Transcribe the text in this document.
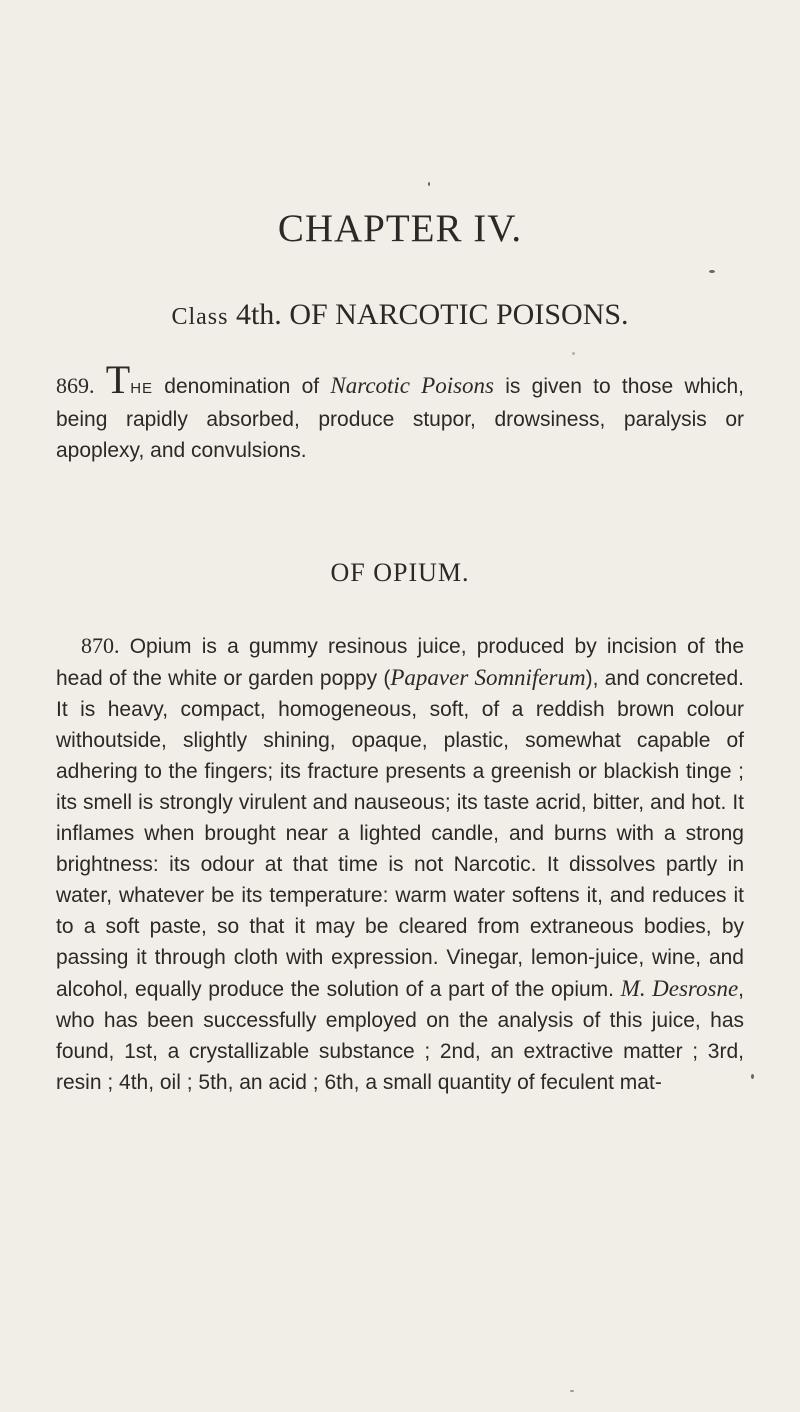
CHAPTER IV.
Class 4th. OF NARCOTIC POISONS.

869. THE denomination of Narcotic Poisons is given to those which, being rapidly absorbed, produce stupor, drowsiness, paralysis or apoplexy, and convulsions.

OF OPIUM.

870. Opium is a gummy resinous juice, produced by incision of the head of the white or garden poppy (Papaver Somniferum), and concreted. It is heavy, compact, homogeneous, soft, of a reddish brown colour withoutside, slightly shining, opaque, plastic, somewhat capable of adhering to the fingers; its fracture presents a greenish or blackish tinge ; its smell is strongly virulent and nauseous; its taste acrid, bitter, and hot. It inflames when brought near a lighted candle, and burns with a strong brightness: its odour at that time is not Narcotic. It dissolves partly in water, whatever be its temperature: warm water softens it, and reduces it to a soft paste, so that it may be cleared from extraneous bodies, by passing it through cloth with expression. Vinegar, lemon-juice, wine, and alcohol, equally produce the solution of a part of the opium. M. Desrosne, who has been successfully employed on the analysis of this juice, has found, 1st, a crystallizable substance ; 2nd, an extractive matter ; 3rd, resin ; 4th, oil ; 5th, an acid ; 6th, a small quantity of feculent mat-
